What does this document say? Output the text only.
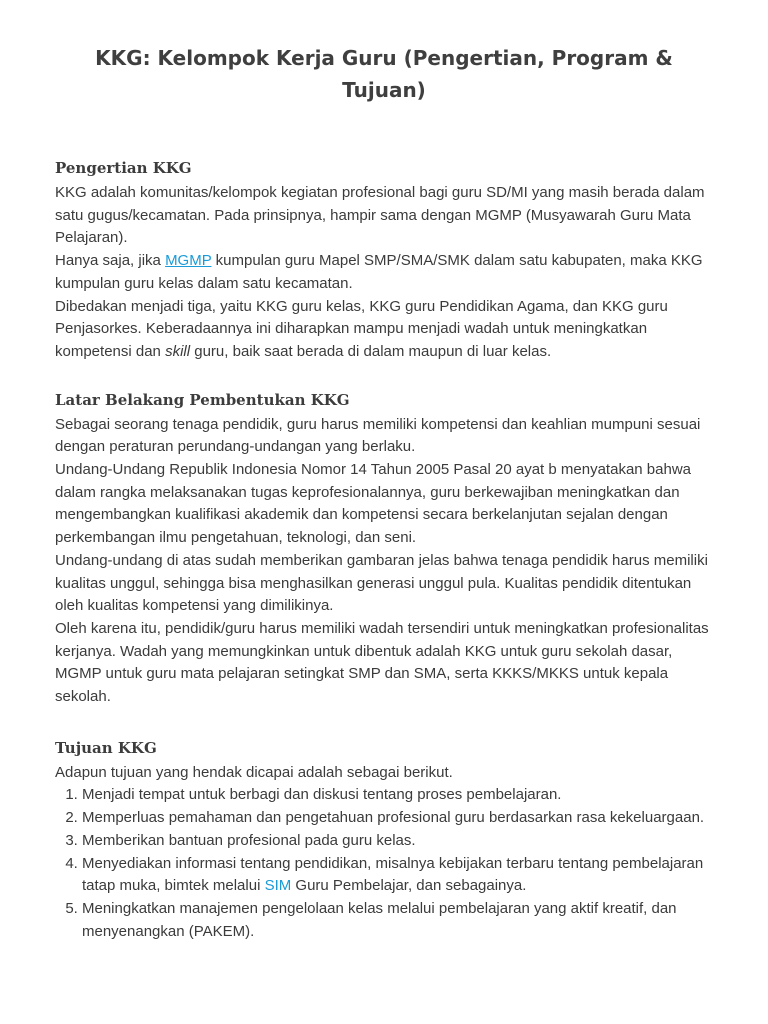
KKG: Kelompok Kerja Guru (Pengertian, Program & Tujuan)
Pengertian KKG

KKG adalah komunitas/kelompok kegiatan profesional bagi guru SD/MI yang masih berada dalam satu gugus/kecamatan. Pada prinsipnya, hampir sama dengan MGMP (Musyawarah Guru Mata Pelajaran).

Hanya saja, jika MGMP kumpulan guru Mapel SMP/SMA/SMK dalam satu kabupaten, maka KKG kumpulan guru kelas dalam satu kecamatan.

Dibedakan menjadi tiga, yaitu KKG guru kelas, KKG guru Pendidikan Agama, dan KKG guru Penjasorkes. Keberadaannya ini diharapkan mampu menjadi wadah untuk meningkatkan kompetensi dan skill guru, baik saat berada di dalam maupun di luar kelas.

Latar Belakang Pembentukan KKG

Sebagai seorang tenaga pendidik, guru harus memiliki kompetensi dan keahlian mumpuni sesuai dengan peraturan perundang-undangan yang berlaku.

Undang-Undang Republik Indonesia Nomor 14 Tahun 2005 Pasal 20 ayat b menyatakan bahwa dalam rangka melaksanakan tugas keprofesionalannya, guru berkewajiban meningkatkan dan mengembangkan kualifikasi akademik dan kompetensi secara berkelanjutan sejalan dengan perkembangan ilmu pengetahuan, teknologi, dan seni.

Undang-undang di atas sudah memberikan gambaran jelas bahwa tenaga pendidik harus memiliki kualitas unggul, sehingga bisa menghasilkan generasi unggul pula. Kualitas pendidik ditentukan oleh kualitas kompetensi yang dimilikinya.

Oleh karena itu, pendidik/guru harus memiliki wadah tersendiri untuk meningkatkan profesionalitas kerjanya. Wadah yang memungkinkan untuk dibentuk adalah KKG untuk guru sekolah dasar, MGMP untuk guru mata pelajaran setingkat SMP dan SMA, serta KKKS/MKKS untuk kepala sekolah.

Tujuan KKG

Adapun tujuan yang hendak dicapai adalah sebagai berikut.

1. Menjadi tempat untuk berbagi dan diskusi tentang proses pembelajaran.
2. Memperluas pemahaman dan pengetahuan profesional guru berdasarkan rasa kekeluargaan.
3. Memberikan bantuan profesional pada guru kelas.
4. Menyediakan informasi tentang pendidikan, misalnya kebijakan terbaru tentang pembelajaran tatap muka, bimtek melalui SIM Guru Pembelajar, dan sebagainya.
5. Meningkatkan manajemen pengelolaan kelas melalui pembelajaran yang aktif kreatif, dan menyenangkan (PAKEM).
